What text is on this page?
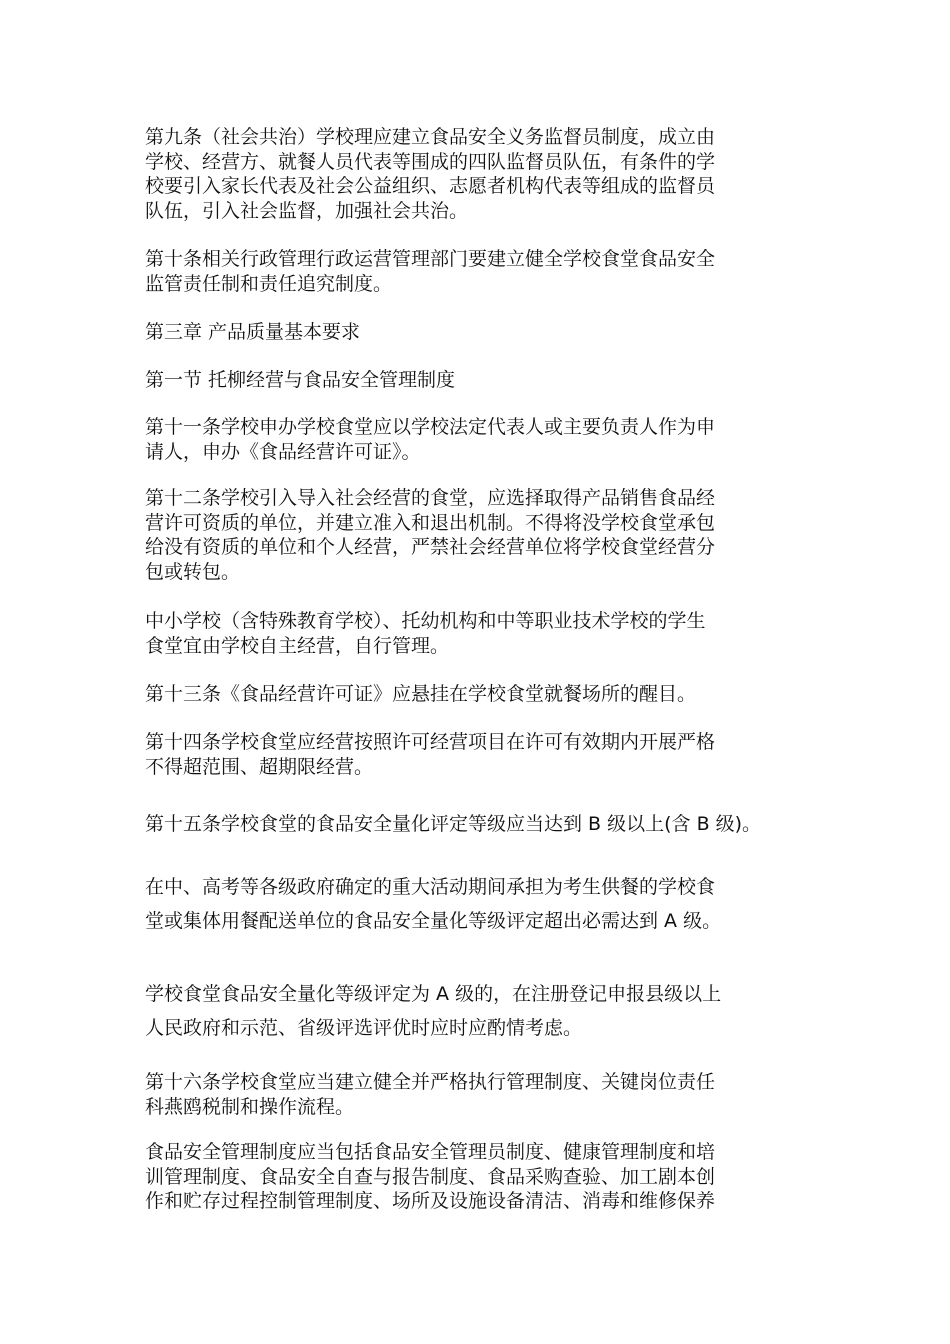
第九条（社会共治）学校理应建立食品安全义务监督员制度，成立由
学校、经营方、就餐人员代表等围成的四队监督员队伍，有条件的学
校要引入家长代表及社会公益组织、志愿者机构代表等组成的监督员
队伍，引入社会监督，加强社会共治。

第十条相关行政管理行政运营管理部门要建立健全学校食堂食品安全
监管责任制和责任追究制度。

第三章 产品质量基本要求

第一节 托柳经营与食品安全管理制度

第十一条学校申办学校食堂应以学校法定代表人或主要负责人作为申
请人，申办《食品经营许可证》。

第十二条学校引入导入社会经营的食堂，应选择取得产品销售食品经
营许可资质的单位，并建立准入和退出机制。不得将没学校食堂承包
给没有资质的单位和个人经营，严禁社会经营单位将学校食堂经营分
包或转包。

中小学校（含特殊教育学校）、托幼机构和中等职业技术学校的学生
食堂宜由学校自主经营，自行管理。

第十三条《食品经营许可证》应悬挂在学校食堂就餐场所的醒目。

第十四条学校食堂应经营按照许可经营项目在许可有效期内开展严格
不得超范围、超期限经营。

第十五条学校食堂的食品安全量化评定等级应当达到 B 级以上(含 B 级)。

在中、高考等各级政府确定的重大活动期间承担为考生供餐的学校食
堂或集体用餐配送单位的食品安全量化等级评定超出必需达到 A 级。

学校食堂食品安全量化等级评定为 A 级的，在注册登记申报县级以上
人民政府和示范、省级评选评优时应时应酌情考虑。

第十六条学校食堂应当建立健全并严格执行管理制度、关键岗位责任
科燕鸥税制和操作流程。

食品安全管理制度应当包括食品安全管理员制度、健康管理制度和培
训管理制度、食品安全自查与报告制度、食品采购查验、加工剧本创
作和贮存过程控制管理制度、场所及设施设备清洁、消毒和维修保养
